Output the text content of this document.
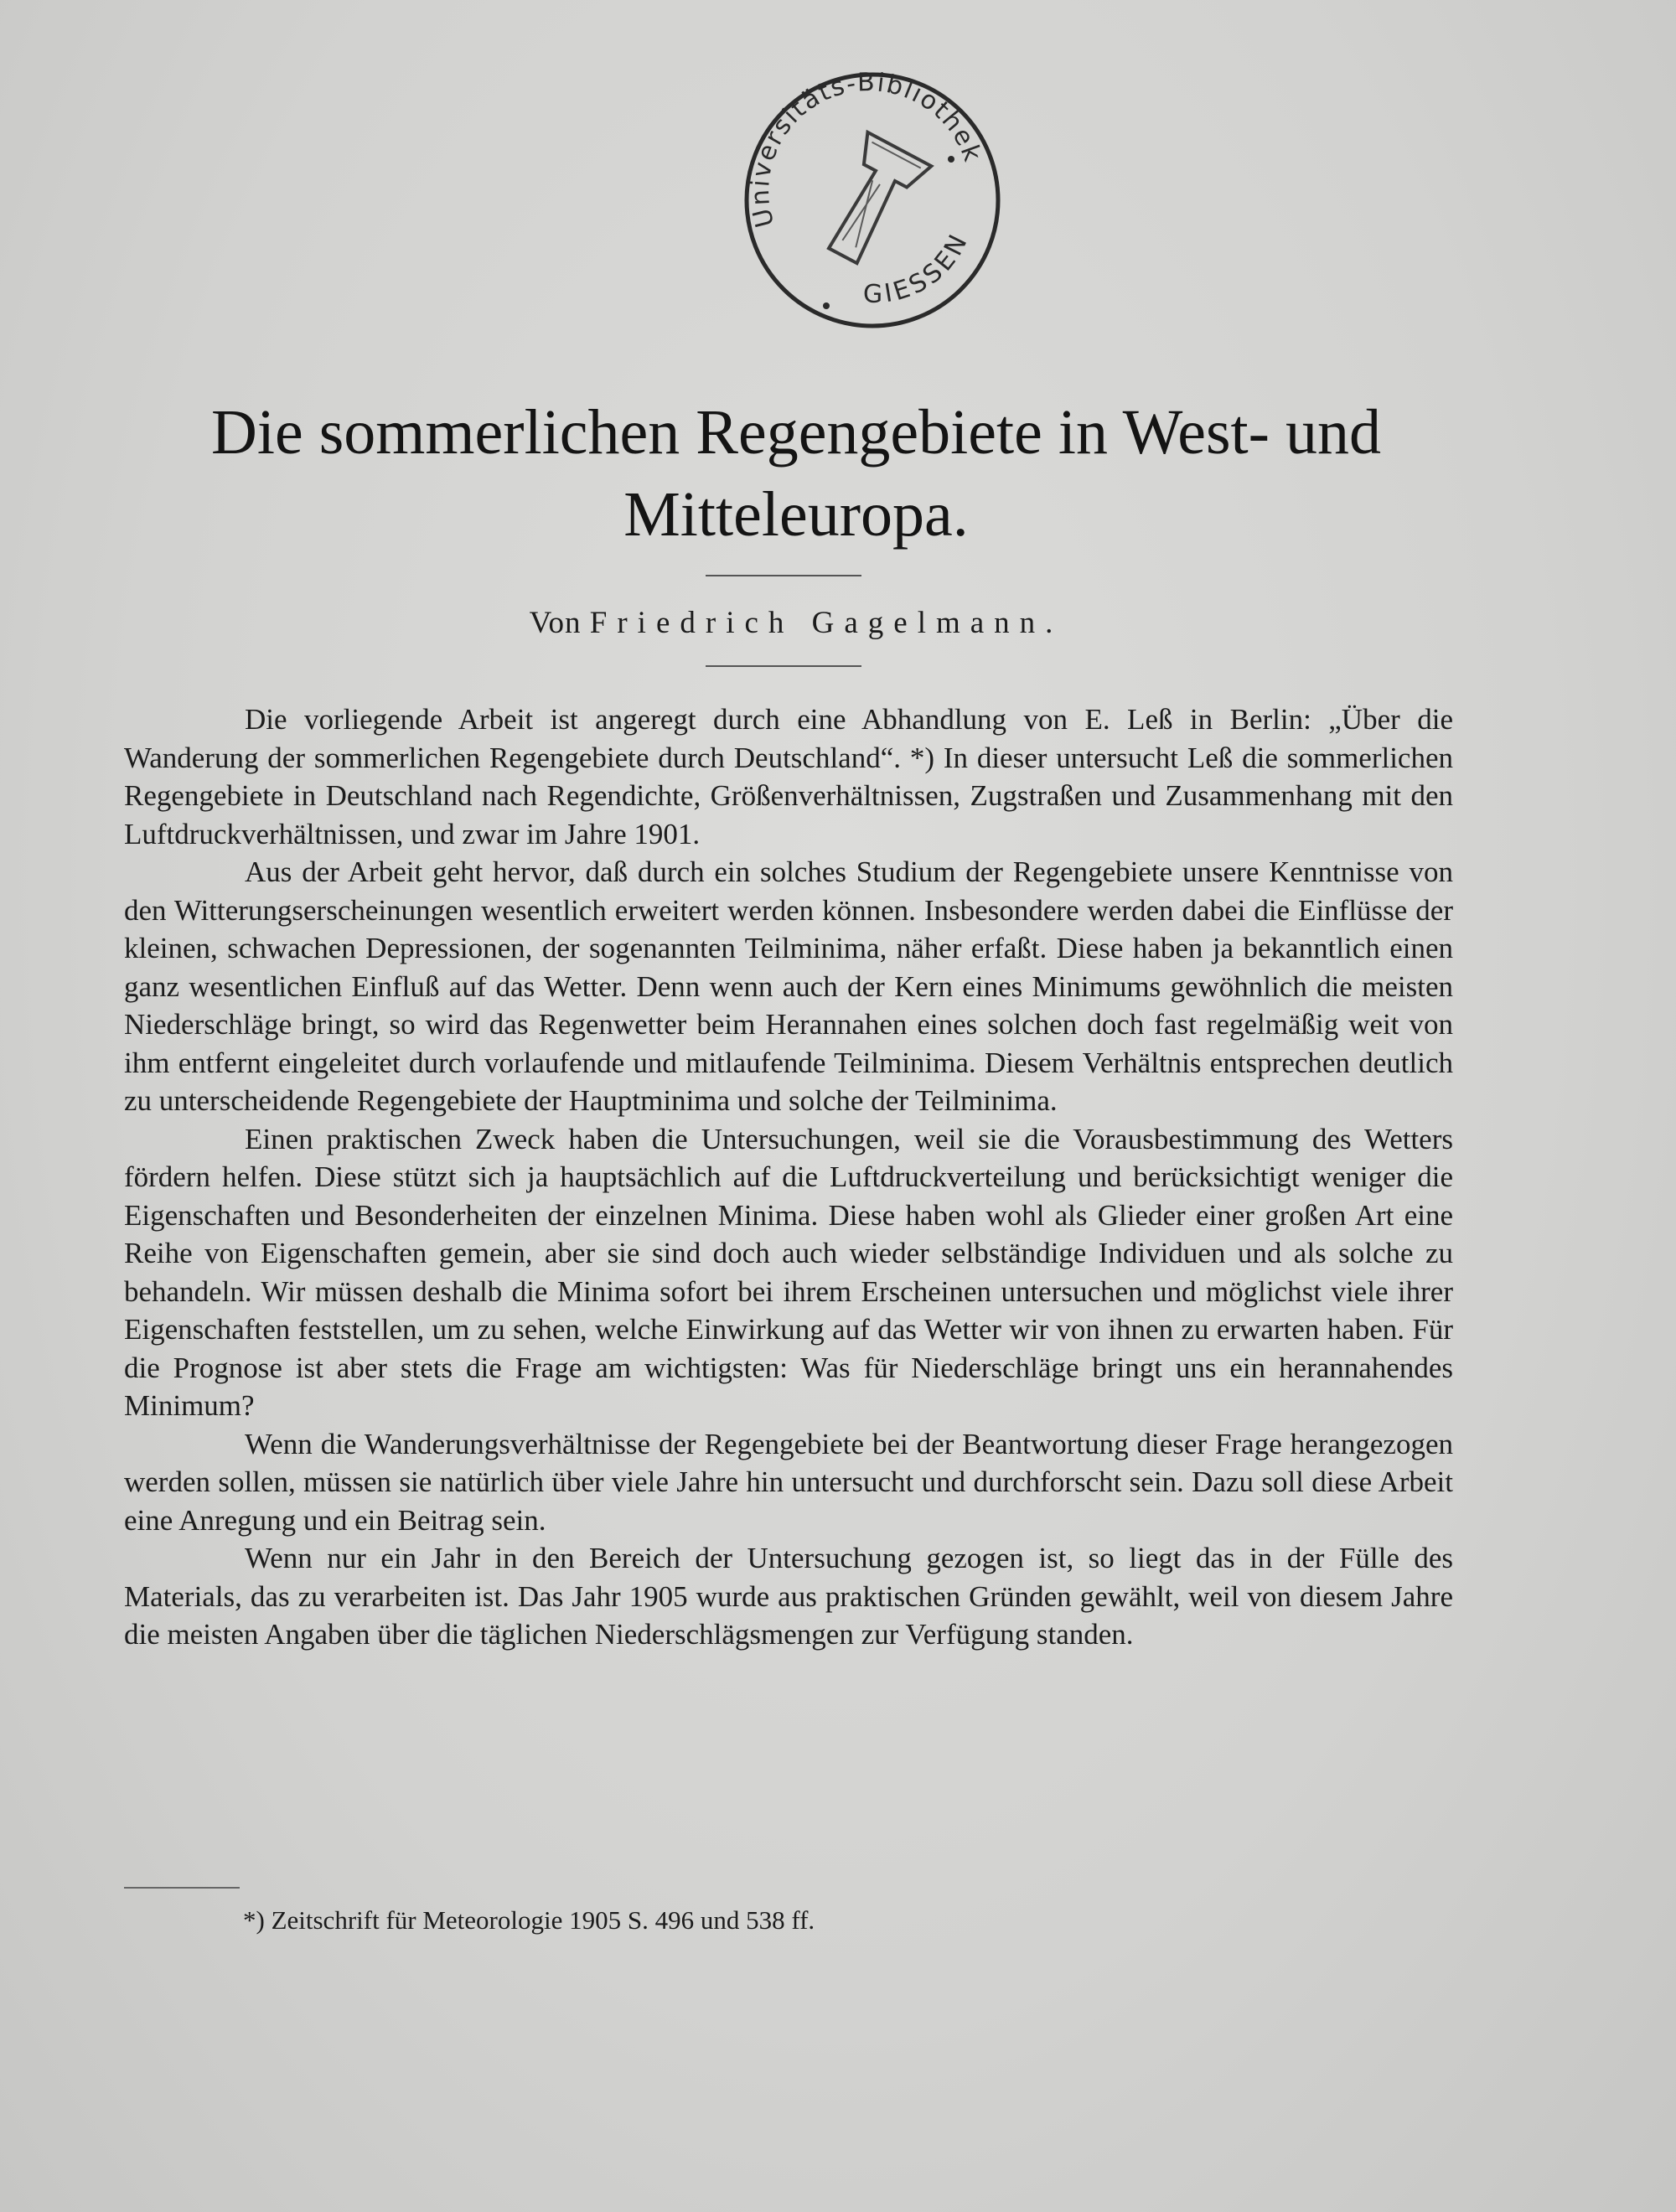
Universitäts-Bibliothek
GIESSEN
Die sommerlichen Regengebiete in West- und
Mitteleuropa.
Von Friedrich Gagelmann.

Die vorliegende Arbeit ist angeregt durch eine Abhandlung von E. Leß in Berlin: „Über die Wanderung der sommerlichen Regengebiete durch Deutschland“. *) In dieser untersucht Leß die sommerlichen Regengebiete in Deutschland nach Regendichte, Größenverhältnissen, Zugstraßen und Zusammenhang mit den Luftdruckverhältnissen, und zwar im Jahre 1901.

Aus der Arbeit geht hervor, daß durch ein solches Studium der Regengebiete unsere Kenntnisse von den Witterungserscheinungen wesentlich erweitert werden können. Insbesondere werden dabei die Einflüsse der kleinen, schwachen Depressionen, der sogenannten Teilminima, näher erfaßt. Diese haben ja bekanntlich einen ganz wesentlichen Einfluß auf das Wetter. Denn wenn auch der Kern eines Minimums gewöhnlich die meisten Niederschläge bringt, so wird das Regenwetter beim Herannahen eines solchen doch fast regelmäßig weit von ihm entfernt eingeleitet durch vorlaufende und mitlaufende Teilminima. Diesem Verhältnis entsprechen deutlich zu unterscheidende Regengebiete der Hauptminima und solche der Teilminima.

Einen praktischen Zweck haben die Untersuchungen, weil sie die Vorausbestimmung des Wetters fördern helfen. Diese stützt sich ja hauptsächlich auf die Luftdruckverteilung und berücksichtigt weniger die Eigenschaften und Besonderheiten der einzelnen Minima. Diese haben wohl als Glieder einer großen Art eine Reihe von Eigenschaften gemein, aber sie sind doch auch wieder selbständige Individuen und als solche zu behandeln. Wir müssen deshalb die Minima sofort bei ihrem Erscheinen untersuchen und möglichst viele ihrer Eigenschaften feststellen, um zu sehen, welche Einwirkung auf das Wetter wir von ihnen zu erwarten haben. Für die Prognose ist aber stets die Frage am wichtigsten: Was für Niederschläge bringt uns ein herannahendes Minimum?

Wenn die Wanderungsverhältnisse der Regengebiete bei der Beantwortung dieser Frage herangezogen werden sollen, müssen sie natürlich über viele Jahre hin untersucht und durchforscht sein. Dazu soll diese Arbeit eine Anregung und ein Beitrag sein.

Wenn nur ein Jahr in den Bereich der Untersuchung gezogen ist, so liegt das in der Fülle des Materials, das zu verarbeiten ist. Das Jahr 1905 wurde aus praktischen Gründen gewählt, weil von diesem Jahre die meisten Angaben über die täglichen Niederschlägsmengen zur Verfügung standen.

*) Zeitschrift für Meteorologie 1905 S. 496 und 538 ff.
